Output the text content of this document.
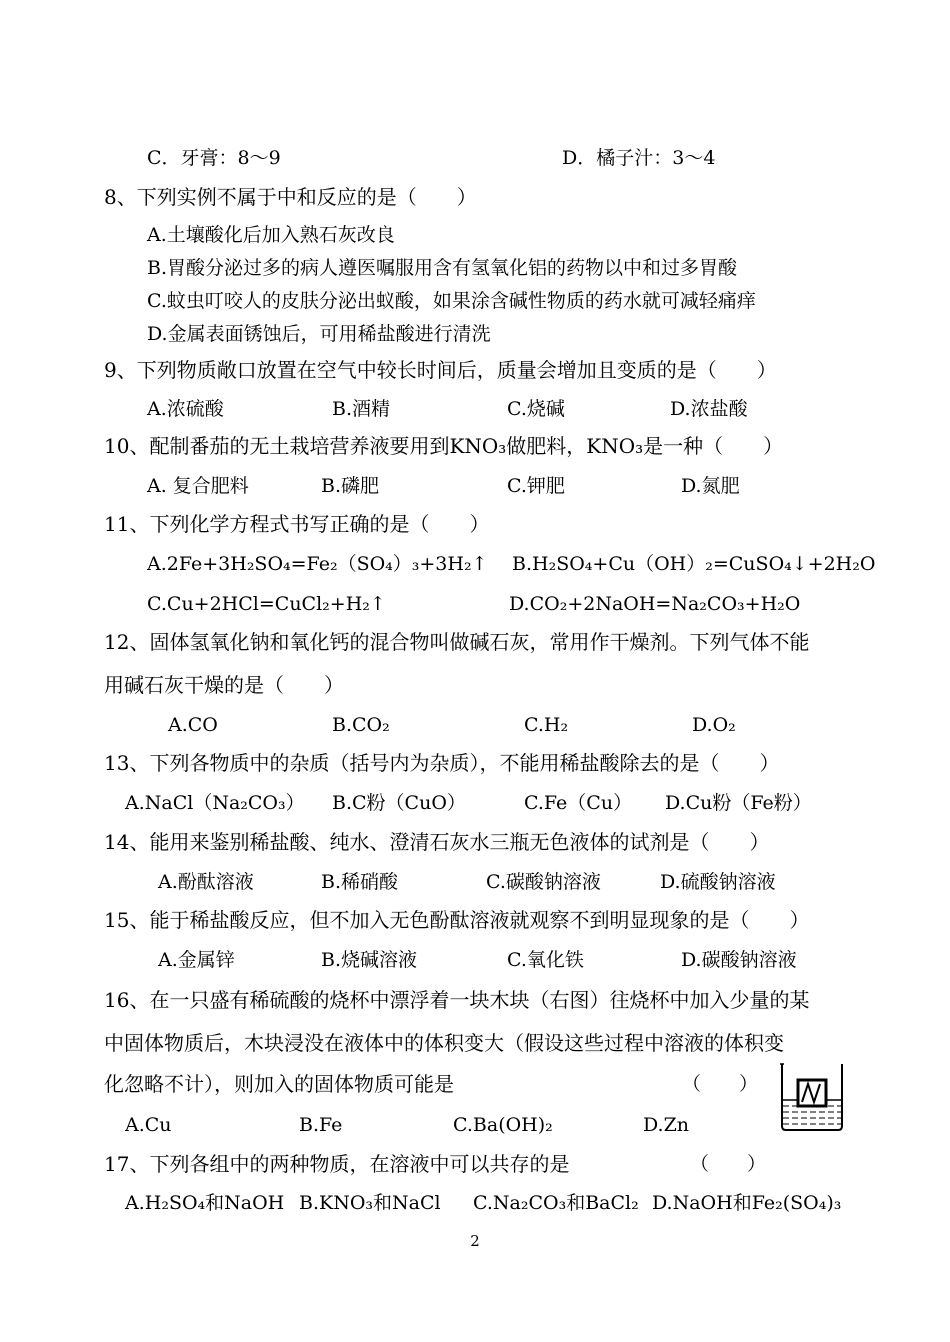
C．牙膏：8～9	D．橘子汁：3～4
8、下列实例不属于中和反应的是（　　）
A.土壤酸化后加入熟石灰改良
B.胃酸分泌过多的病人遵医嘱服用含有氢氧化铝的药物以中和过多胃酸
C.蚊虫叮咬人的皮肤分泌出蚁酸，如果涂含碱性物质的药水就可减轻痛痒
D.金属表面锈蚀后，可用稀盐酸进行清洗
9、下列物质敞口放置在空气中较长时间后，质量会增加且变质的是（　　）
A.浓硫酸	B.酒精	C.烧碱	D.浓盐酸
10、配制番茄的无土栽培营养液要用到KNO₃做肥料，KNO₃是一种（　　）
A. 复合肥料	B.磷肥	C.钾肥	D.氮肥
11、下列化学方程式书写正确的是（　　）
A.2Fe+3H₂SO₄=Fe₂（SO₄）₃+3H₂↑ B.H₂SO₄+Cu（OH）₂=CuSO₄↓+2H₂O
C.Cu+2HCl=CuCl₂+H₂↑	D.CO₂+2NaOH=Na₂CO₃+H₂O
12、固体氢氧化钠和氧化钙的混合物叫做碱石灰，常用作干燥剂。下列气体不能
用碱石灰干燥的是（　　）
A.CO	B.CO₂	C.H₂	D.O₂
13、下列各物质中的杂质（括号内为杂质），不能用稀盐酸除去的是（　　）
A.NaCl（Na₂CO₃） B.C粉（CuO）	C.Fe（Cu） D.Cu粉（Fe粉）
14、能用来鉴别稀盐酸、纯水、澄清石灰水三瓶无色液体的试剂是（　　）
A.酚酞溶液	B.稀硝酸	C.碳酸钠溶液	D.硫酸钠溶液
15、能于稀盐酸反应，但不加入无色酚酞溶液就观察不到明显现象的是（　　）
A.金属锌	B.烧碱溶液	C.氧化铁	D.碳酸钠溶液
16、在一只盛有稀硫酸的烧杯中漂浮着一块木块（右图）往烧杯中加入少量的某
中固体物质后，木块浸没在液体中的体积变大（假设这些过程中溶液的体积变
化忽略不计），则加入的固体物质可能是	（　　）
A.Cu	B.Fe	C.Ba(OH)₂	D.Zn
17、下列各组中的两种物质，在溶液中可以共存的是	（　　）
A.H₂SO₄和NaOH B.KNO₃和NaCl C.Na₂CO₃和BaCl₂ D.NaOH和Fe₂(SO₄)₃
2
